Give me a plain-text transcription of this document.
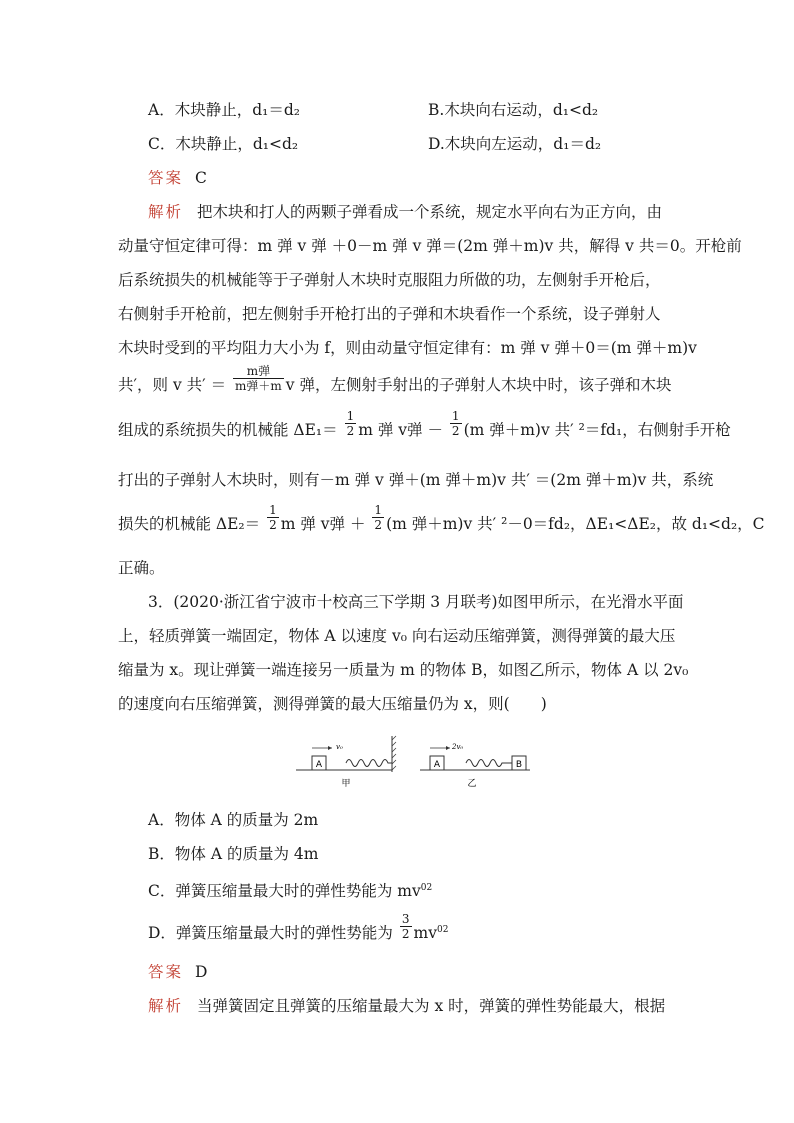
A．木块静止，d₁＝d₂	B.木块向右运动，d₁<d₂
C．木块静止，d₁<d₂	D.木块向左运动，d₁＝d₂
答案 C
解析 把木块和打人的两颗子弹看成一个系统，规定水平向右为正方向，由
动量守恒定律可得：m 弹 v 弹 ＋0－m 弹 v 弹＝(2m 弹＋m)v 共，解得 v 共＝0。开枪前
后系统损失的机械能等于子弹射人木块时克服阻力所做的功，左侧射手开枪后，
右侧射手开枪前，把左侧射手开枪打出的子弹和木块看作一个系统，设子弹射人
木块时受到的平均阻力大小为 f，则由动量守恒定律有：m 弹 v 弹＋0＝(m 弹＋m)v
共′，则 v 共′ ＝ $\frac{\text{m弹}}{\text{m弹＋m}}$ v 弹，左侧射手射出的子弹射人木块中时，该子弹和木块
组成的系统损失的机械能 $\Delta E_1= \frac{1}{2}$ m 弹 v弹 － $\frac{1}{2} (m$ 弹＋m)v 共′ ²＝fd₁，右侧射手开枪
打出的子弹射人木块时，则有－m 弹 v 弹＋(m 弹＋m)v 共′ ＝(2m 弹＋m)v 共，系统
损失的机械能 $\Delta E_2= \frac{1}{2}$ m 弹 v弹 ＋ $\frac{1}{2} (m$ 弹＋m)v 共′ ²－0＝fd₂，ΔE₁<ΔE₂，故 d₁<d₂，C
正确。
3．(2020·浙江省宁波市十校高三下学期 3 月联考)如图甲所示，在光滑水平面
上，轻质弹簧一端固定，物体 A 以速度 v₀ 向右运动压缩弹簧，测得弹簧的最大压
缩量为 x。现让弹簧一端连接另一质量为 m 的物体 B，如图乙所示，物体 A 以 2v₀
的速度向右压缩弹簧，测得弹簧的最大压缩量仍为 x，则(　　)
A
v₀
甲
A	B
2v₀
乙
A．物体 A 的质量为 2m
B．物体 A 的质量为 4m
C．弹簧压缩量最大时的弹性势能为 $mv^{02}$
D．弹簧压缩量最大时的弹性势能为 $\frac{3}{2} mv^{02}$
答案 D
解析 当弹簧固定且弹簧的压缩量最大为 x 时，弹簧的弹性势能最大，根据
